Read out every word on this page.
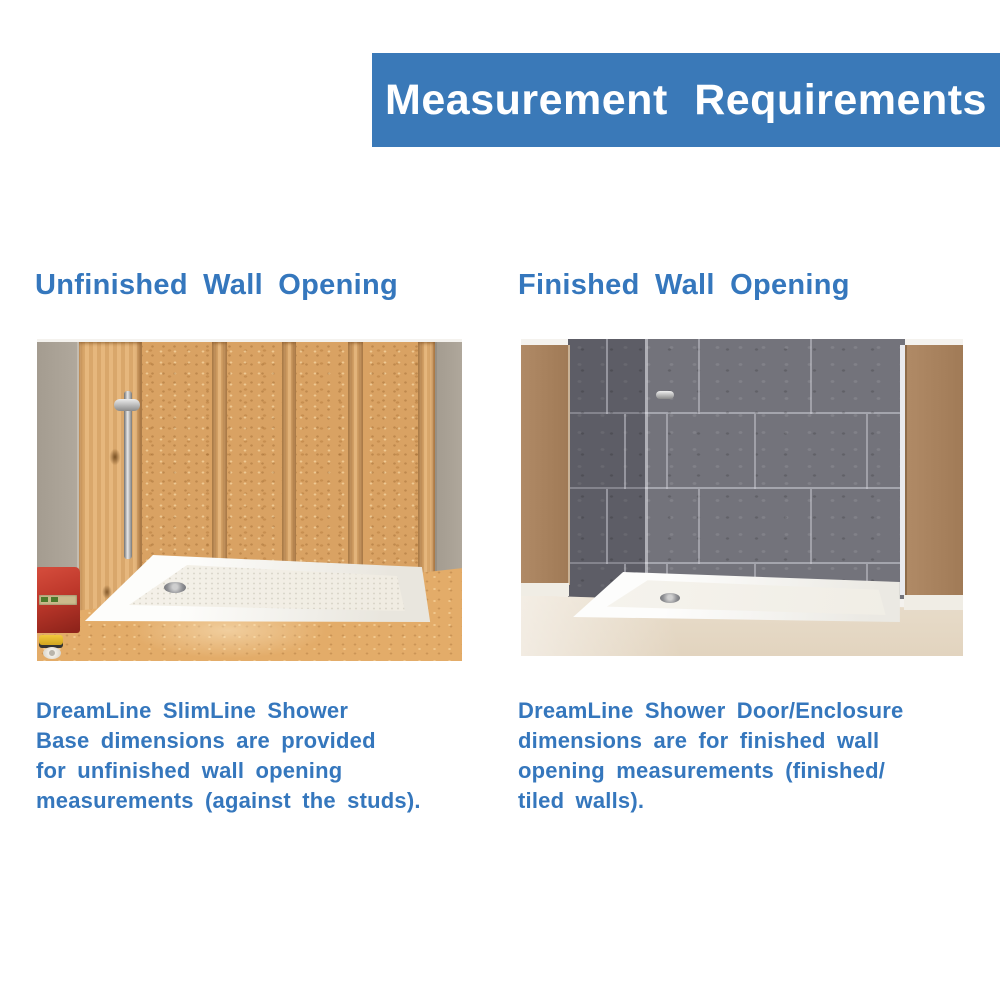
Measurement Requirements
Unfinished Wall Opening	Finished Wall Opening
DreamLine SlimLine Shower
Base dimensions are provided
for unfinished wall opening
measurements (against the studs).
DreamLine Shower Door/Enclosure
dimensions are for finished wall
opening measurements (finished/
tiled walls).
